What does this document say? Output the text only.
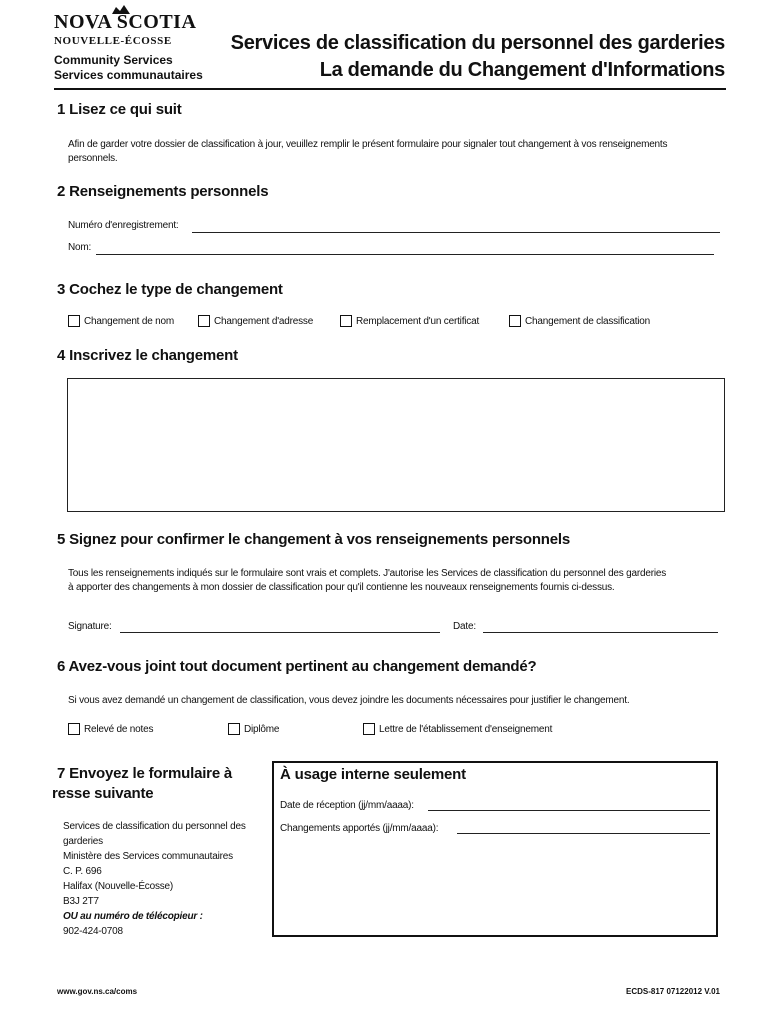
NOVA SCOTIA
NOUVELLE-ÉCOSSE
Community Services
Services communautaires
Services de classification du personnel des garderies
La demande du Changement d'Informations
1 Lisez ce qui suit
Afin de garder votre dossier de classification à jour, veuillez remplir le présent formulaire pour signaler tout changement à vos renseignements
personnels.
2 Renseignements personnels
Numéro d'enregistrement:
Nom:
3 Cochez le type de changement
Changement de nom	Changement d'adresse	Remplacement d'un certificat	Changement de classification
4 Inscrivez le changement
5 Signez pour confirmer le changement à vos renseignements personnels
Tous les renseignements indiqués sur le formulaire sont vrais et complets. J'autorise les Services de classification du personnel des garderies
à apporter des changements à mon dossier de classification pour qu'il contienne les nouveaux renseignements fournis ci-dessus.
Signature:	Date:
6 Avez-vous joint tout document pertinent au changement demandé?
Si vous avez demandé un changement de classification, vous devez joindre les documents nécessaires pour justifier le changement.
Relevé de notes	Diplôme	Lettre de l'établissement d'enseignement
7 Envoyez le formulaire à
resse suivante
Services de classification du personnel des
garderies
Ministère des Services communautaires
C. P. 696
Halifax (Nouvelle-Écosse)
B3J 2T7
OU au numéro de télécopieur :
902-424-0708
À usage interne seulement
Date de réception (jj/mm/aaaa):
Changements apportés (jj/mm/aaaa):
www.gov.ns.ca/coms	ECDS-817 07122012 V.01
